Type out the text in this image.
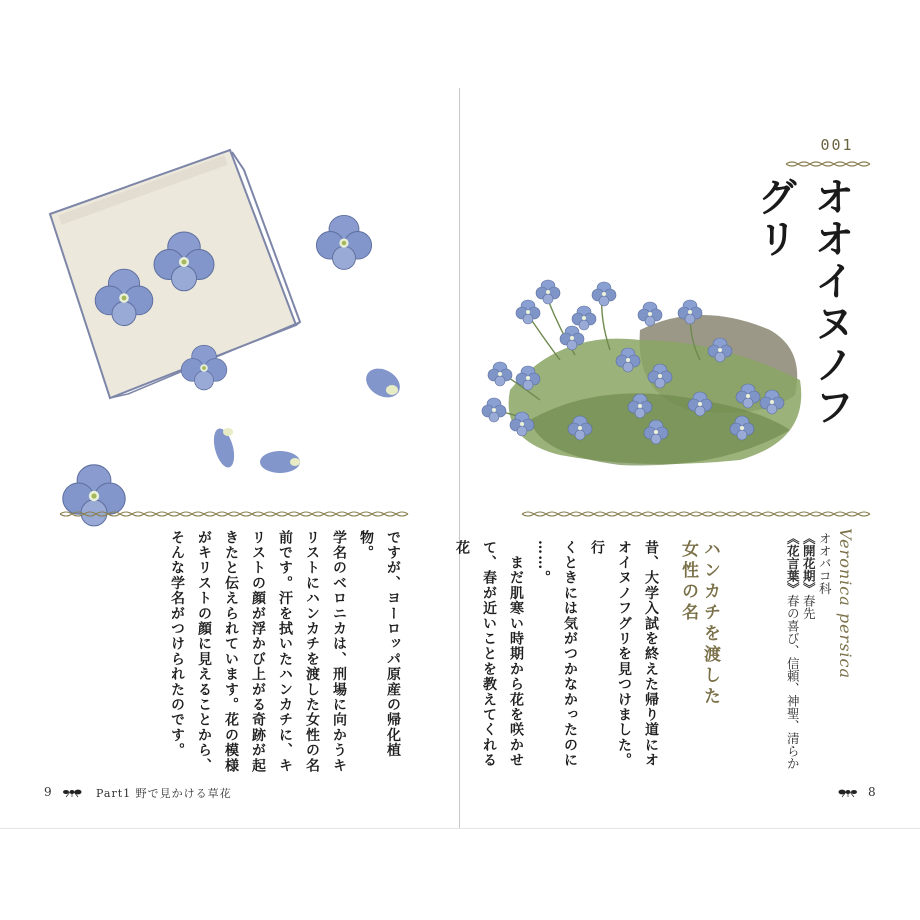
001
オオイヌノフグリ
Veronica persica
オオバコ科
《開花期》春先
《花言葉》春の喜び、信頼、神聖、清らか
ハンカチを渡した
女性の名
昔、大学入試を終えた帰り道にオ
オイヌノフグリを見つけました。行
くときには気がつかなかったのに
……。
　まだ肌寒い時期から花を咲かせ
て、春が近いことを教えてくれる花
ですが、ヨーロッパ原産の帰化植物。
学名のベロニカは、刑場に向かうキ
リストにハンカチを渡した女性の名
前です。汗を拭いたハンカチに、キ
リストの顔が浮かび上がる奇跡が起
きたと伝えられています。花の模様
がキリストの顔に見えることから、
そんな学名がつけられたのです。
9	Part1 野で見かける草花	8
